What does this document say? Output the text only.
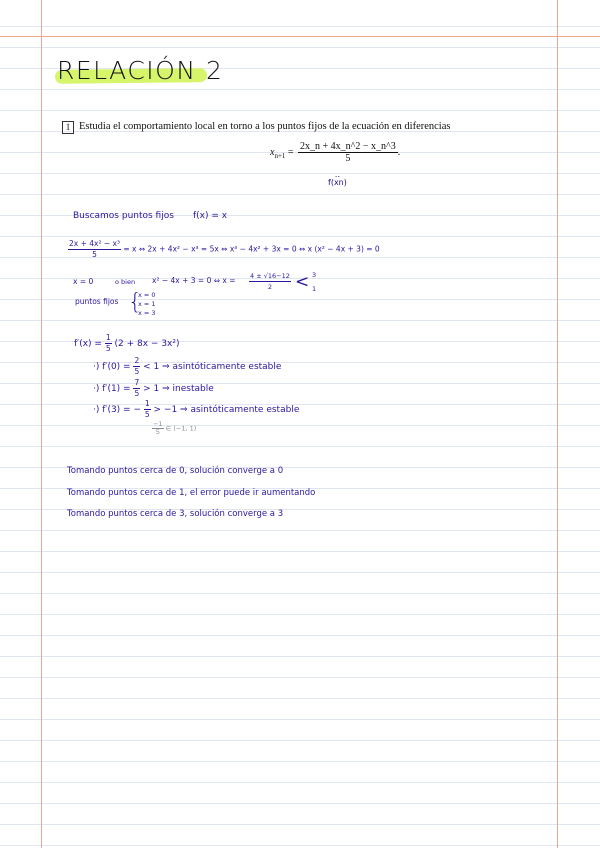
RELACIÓN 2
1 Estudia el comportamiento local en torno a los puntos fijos de la ecuación en diferencias
$x_{n+1} = \frac{2x\_n + 4x\_n\^{}2 - x\_n\^{}3}{5}$ .
‥
f(xn)
Buscamos puntos fijos f(x) = x
$\frac{\text{2x + 4x² − x³}}{5} = x$ ⇔ 2x + 4x² − x³ = 5x ⇔ x³ − 4x² + 3x = 0 ⇔ x (x² − 4x + 3) = 0
x = 0	o bien x² − 4x + 3 = 0 ⇔ $x = \frac{4 \pm √16-12}{2} < 3$
1
puntos fijos {
x = 0
x = 1
x = 3
$f'(x) = \frac{1}{5} (2 + 8x - 3x^2)$
·) $f'(0) = \frac{2}{5} < 1$ ⇒ asintóticamente estable
·) $f'(1) = \frac{7}{5} > 1$ ⇒ inestable
·) f′(3) = − $\frac{1}{5} > -1$ ⇒ asintóticamente estable
$\frac{-1}{5}$ ∈ (−1, 1)
Tomando puntos cerca de 0, solución converge a 0
Tomando puntos cerca de 1, el error puede ir aumentando
Tomando puntos cerca de 3, solución converge a 3
